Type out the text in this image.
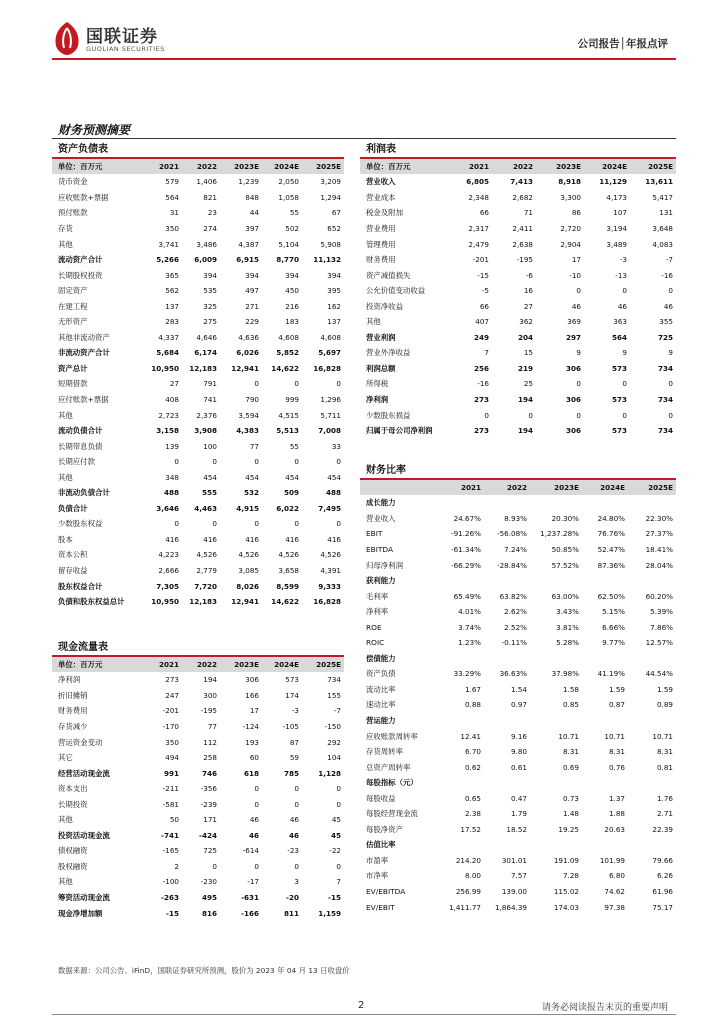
国联证券
GUOLIAN SECURITIES	公司报告│年报点评
财务预测摘要
资产负债表
单位：百万元	2021	2022	2023E	2024E	2025E
货币资金	579	1,406	1,239	2,050	3,209
应收账款+票据	564	821	848	1,058	1,294
预付账款	31	23	44	55	67
存货	350	274	397	502	652
其他	3,741	3,486	4,387	5,104	5,908
流动资产合计	5,266	6,009	6,915	8,770	11,132
长期股权投资	365	394	394	394	394
固定资产	562	535	497	450	395
在建工程	137	325	271	216	162
无形资产	283	275	229	183	137
其他非流动资产	4,337	4,646	4,636	4,608	4,608
非流动资产合计	5,684	6,174	6,026	5,852	5,697
资产总计	10,950	12,183	12,941	14,622	16,828
短期借款	27	791	0	0	0
应付账款+票据	408	741	790	999	1,296
其他	2,723	2,376	3,594	4,515	5,711
流动负债合计	3,158	3,908	4,383	5,513	7,008
长期带息负债	139	100	77	55	33
长期应付款	0	0	0	0	0
其他	348	454	454	454	454
非流动负债合计	488	555	532	509	488
负债合计	3,646	4,463	4,915	6,022	7,495
少数股东权益	0	0	0	0	0
股本	416	416	416	416	416
资本公积	4,223	4,526	4,526	4,526	4,526
留存收益	2,666	2,779	3,085	3,658	4,391
股东权益合计	7,305	7,720	8,026	8,599	9,333
负债和股东权益总计	10,950	12,183	12,941	14,622	16,828
现金流量表
单位：百万元	2021	2022	2023E	2024E	2025E
净利润	273	194	306	573	734
折旧摊销	247	300	166	174	155
财务费用	-201	-195	17	-3	-7
存货减少	-170	77	-124	-105	-150
营运资金变动	350	112	193	87	292
其它	494	258	60	59	104
经营活动现金流	991	746	618	785	1,128
资本支出	-211	-356	0	0	0
长期投资	-581	-239	0	0	0
其他	50	171	46	46	45
投资活动现金流	-741	-424	46	46	45
债权融资	-165	725	-614	-23	-22
股权融资	2	0	0	0	0
其他	-100	-230	-17	3	7
筹资活动现金流	-263	495	-631	-20	-15
现金净增加额	-15	816	-166	811	1,159
利润表
单位：百万元	2021	2022	2023E	2024E	2025E
营业收入	6,805	7,413	8,918	11,129	13,611
营业成本	2,348	2,682	3,300	4,173	5,417
税金及附加	66	71	86	107	131
营业费用	2,317	2,411	2,720	3,194	3,648
管理费用	2,479	2,638	2,904	3,489	4,083
财务费用	-201	-195	17	-3	-7
资产减值损失	-15	-6	-10	-13	-16
公允价值变动收益	-5	16	0	0	0
投资净收益	66	27	46	46	46
其他	407	362	369	363	355
营业利润	249	204	297	564	725
营业外净收益	7	15	9	9	9
利润总额	256	219	306	573	734
所得税	-16	25	0	0	0
净利润	273	194	306	573	734
少数股东损益	0	0	0	0	0
归属于母公司净利润	273	194	306	573	734
财务比率
	2021	2022	2023E	2024E	2025E
成长能力					
营业收入	24.67%	8.93%	20.30%	24.80%	22.30%
EBIT	-91.26%	-56.08%	1,237.28%	76.76%	27.37%
EBITDA	-61.34%	7.24%	50.85%	52.47%	18.41%
归母净利润	-66.29%	-28.84%	57.52%	87.36%	28.04%
获利能力					
毛利率	65.49%	63.82%	63.00%	62.50%	60.20%
净利率	4.01%	2.62%	3.43%	5.15%	5.39%
ROE	3.74%	2.52%	3.81%	6.66%	7.86%
ROIC	1.23%	-0.11%	5.28%	9.77%	12.57%
偿债能力					
资产负债	33.29%	36.63%	37.98%	41.19%	44.54%
流动比率	1.67	1.54	1.58	1.59	1.59
速动比率	0.88	0.97	0.85	0.87	0.89
营运能力					
应收账款周转率	12.41	9.16	10.71	10.71	10.71
存货周转率	6.70	9.80	8.31	8.31	8.31
总资产周转率	0.62	0.61	0.69	0.76	0.81
每股指标（元）					
每股收益	0.65	0.47	0.73	1.37	1.76
每股经营现金流	2.38	1.79	1.48	1.88	2.71
每股净资产	17.52	18.52	19.25	20.63	22.39
估值比率					
市盈率	214.20	301.01	191.09	101.99	79.66
市净率	8.00	7.57	7.28	6.80	6.26
EV/EBITDA	256.99	139.00	115.02	74.62	61.96
EV/EBIT	1,411.77	1,864.39	174.03	97.38	75.17
数据来源：公司公告、iFinD，国联证券研究所预测，股价为 2023 年 04 月 13 日收盘价
2	请务必阅读报告末页的重要声明
